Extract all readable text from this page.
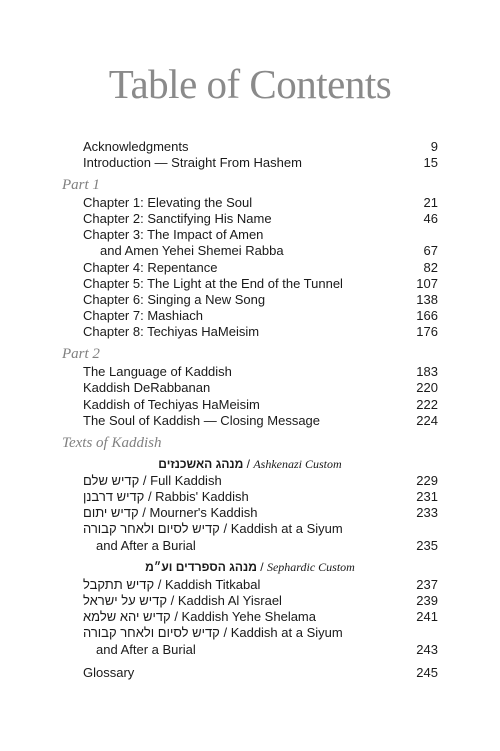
Table of Contents
Acknowledgments	9
Introduction — Straight From Hashem	15
Part 1
Chapter 1: Elevating the Soul	21
Chapter 2: Sanctifying His Name	46
Chapter 3: The Impact of Amen
and Amen Yehei Shemei Rabba	67
Chapter 4: Repentance	82
Chapter 5: The Light at the End of the Tunnel	107
Chapter 6: Singing a New Song	138
Chapter 7: Mashiach	166
Chapter 8: Techiyas HaMeisim	176
Part 2
The Language of Kaddish	183
Kaddish DeRabbanan	220
Kaddish of Techiyas HaMeisim	222
The Soul of Kaddish — Closing Message	224
Texts of Kaddish
מנהג האשכנזים / Ashkenazi Custom
קדיש שלם / Full Kaddish	229
קדיש דרבנן / Rabbis' Kaddish	231
קדיש יתום / Mourner's Kaddish	233
קדיש לסיום ולאחר קבורה / Kaddish at a Siyum
and After a Burial	235
מנהג הספרדים וע״מ / Sephardic Custom
קדיש תתקבל / Kaddish Titkabal	237
קדיש על ישראל / Kaddish Al Yisrael	239
קדיש יהא שלמא / Kaddish Yehe Shelama	241
קדיש לסיום ולאחר קבורה / Kaddish at a Siyum
and After a Burial	243
Glossary	245
